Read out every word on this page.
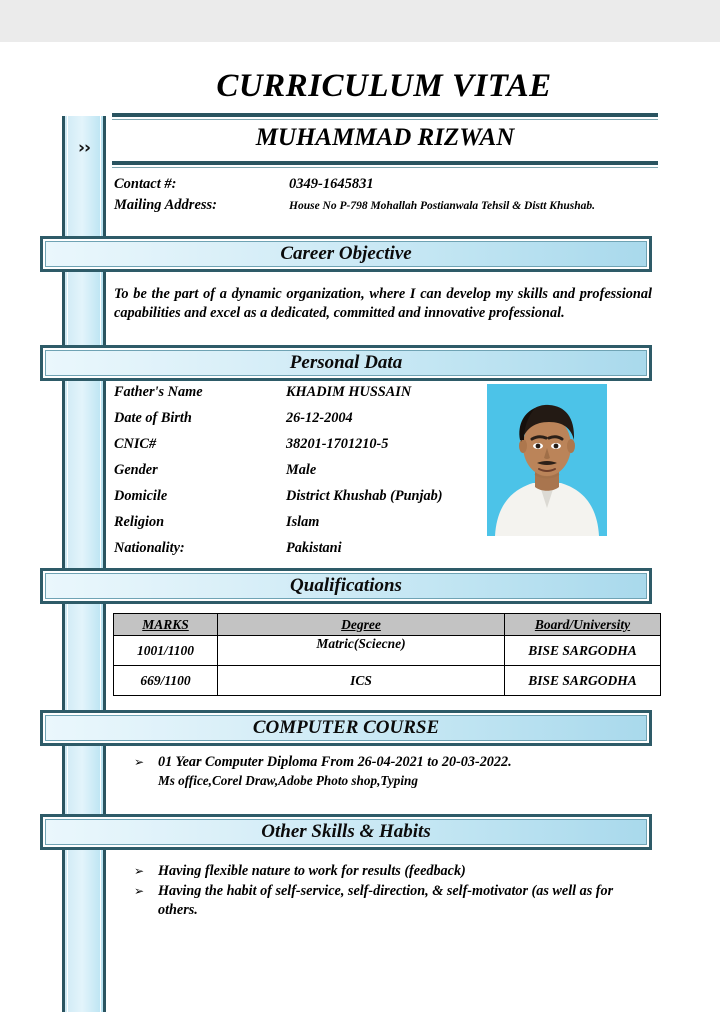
CURRICULUM VITAE
MUHAMMAD RIZWAN
››
Contact #:	0349-1645831
Mailing Address:	House No P-798 Mohallah Postianwala Tehsil & Distt Khushab.
Career Objective
To be the part of a dynamic organization, where I can develop my skills and professional capabilities and excel as a dedicated, committed and innovative professional.
Personal Data
Father's Name	KHADIM HUSSAIN
Date of Birth	26-12-2004
CNIC#	38201-1701210-5
Gender	Male
Domicile	District Khushab (Punjab)
Religion	Islam
Nationality:	Pakistani
Qualifications
MARKS	Degree	Board/University
1001/1100	Matric(Sciecne)	BISE SARGODHA
669/1100	ICS	BISE SARGODHA
COMPUTER COURSE
➢ 01 Year Computer Diploma From 26-04-2021 to 20-03-2022.
Ms office,Corel Draw,Adobe Photo shop,Typing
Other Skills & Habits
➢ Having flexible nature to work for results (feedback)
➢ Having the habit of self-service, self-direction, & self-motivator (as well as for others.
